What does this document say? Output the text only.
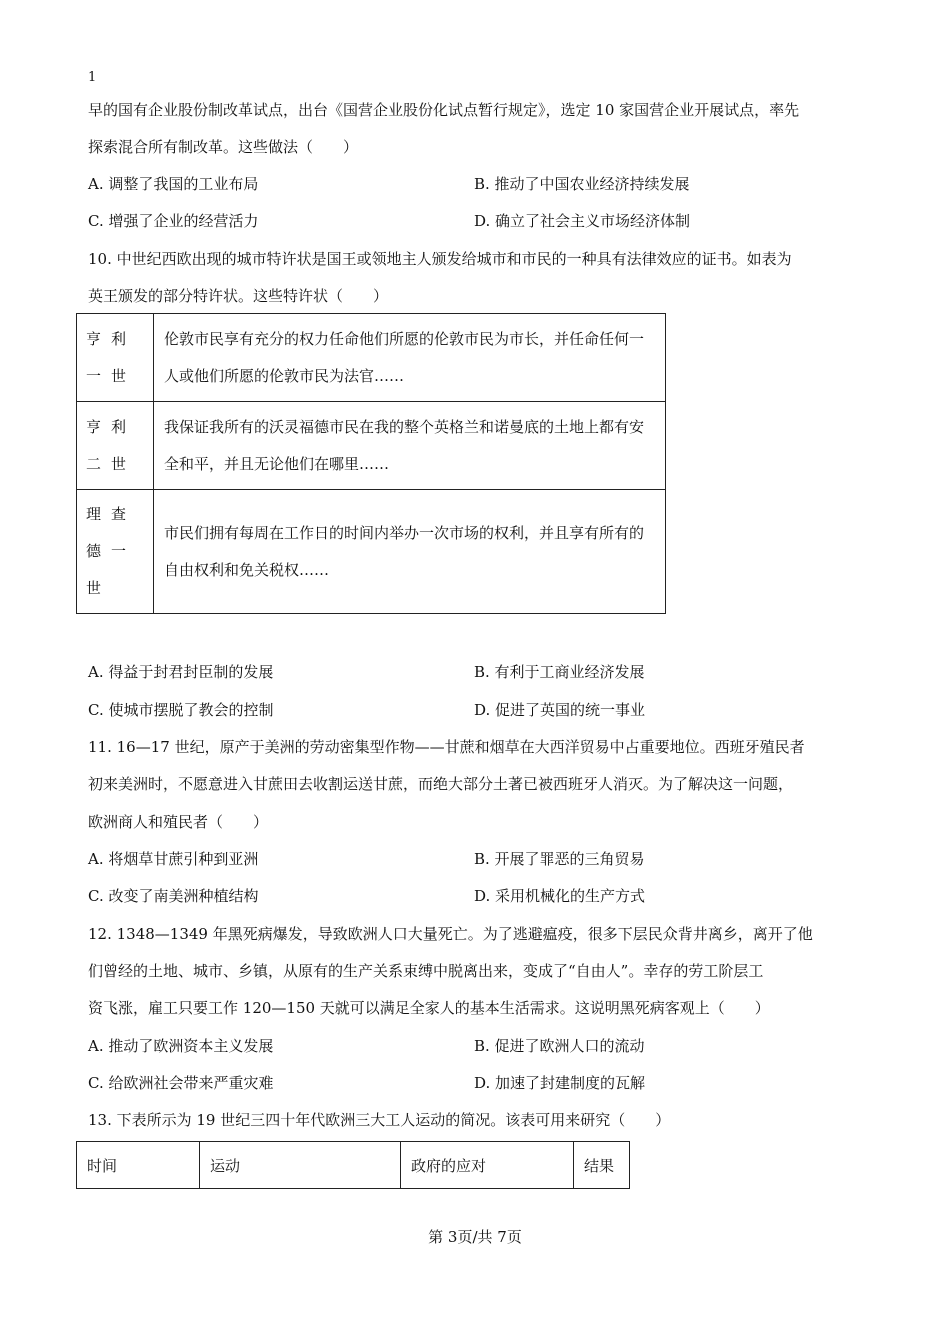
1
早的国有企业股份制改革试点，出台《国营企业股份化试点暂行规定》，选定 10 家国营企业开展试点，率先
探索混合所有制改革。这些做法（　　）
A. 调整了我国的工业布局	B. 推动了中国农业经济持续发展
C. 增强了企业的经营活力	D. 确立了社会主义市场经济体制
10. 中世纪西欧出现的城市特许状是国王或领地主人颁发给城市和市民的一种具有法律效应的证书。如表为
英王颁发的部分特许状。这些特许状（　　）
亨利一世	伦敦市民享有充分的权力任命他们所愿的伦敦市民为市长，并任命任何一人或他们所愿的伦敦市民为法官……
亨利二世	我保证我所有的沃灵福德市民在我的整个英格兰和诺曼底的土地上都有安全和平，并且无论他们在哪里……
理查德一世	市民们拥有每周在工作日的时间内举办一次市场的权利，并且享有所有的自由权利和免关税权……
A. 得益于封君封臣制的发展	B. 有利于工商业经济发展
C. 使城市摆脱了教会的控制	D. 促进了英国的统一事业
11. 16—17 世纪，原产于美洲的劳动密集型作物——甘蔗和烟草在大西洋贸易中占重要地位。西班牙殖民者
初来美洲时，不愿意进入甘蔗田去收割运送甘蔗，而绝大部分土著已被西班牙人消灭。为了解决这一问题，
欧洲商人和殖民者（　　）
A. 将烟草甘蔗引种到亚洲	B. 开展了罪恶的三角贸易
C. 改变了南美洲种植结构	D. 采用机械化的生产方式
12. 1348—1349 年黑死病爆发，导致欧洲人口大量死亡。为了逃避瘟疫，很多下层民众背井离乡，离开了他
们曾经的土地、城市、乡镇，从原有的生产关系束缚中脱离出来，变成了“自由人”。幸存的劳工阶层工
资飞涨，雇工只要工作 120—150 天就可以满足全家人的基本生活需求。这说明黑死病客观上（　　）
A. 推动了欧洲资本主义发展	B. 促进了欧洲人口的流动
C. 给欧洲社会带来严重灾难	D. 加速了封建制度的瓦解
13. 下表所示为 19 世纪三四十年代欧洲三大工人运动的简况。该表可用来研究（　　）
时间	运动	政府的应对	结果
第 3页/共 7页
